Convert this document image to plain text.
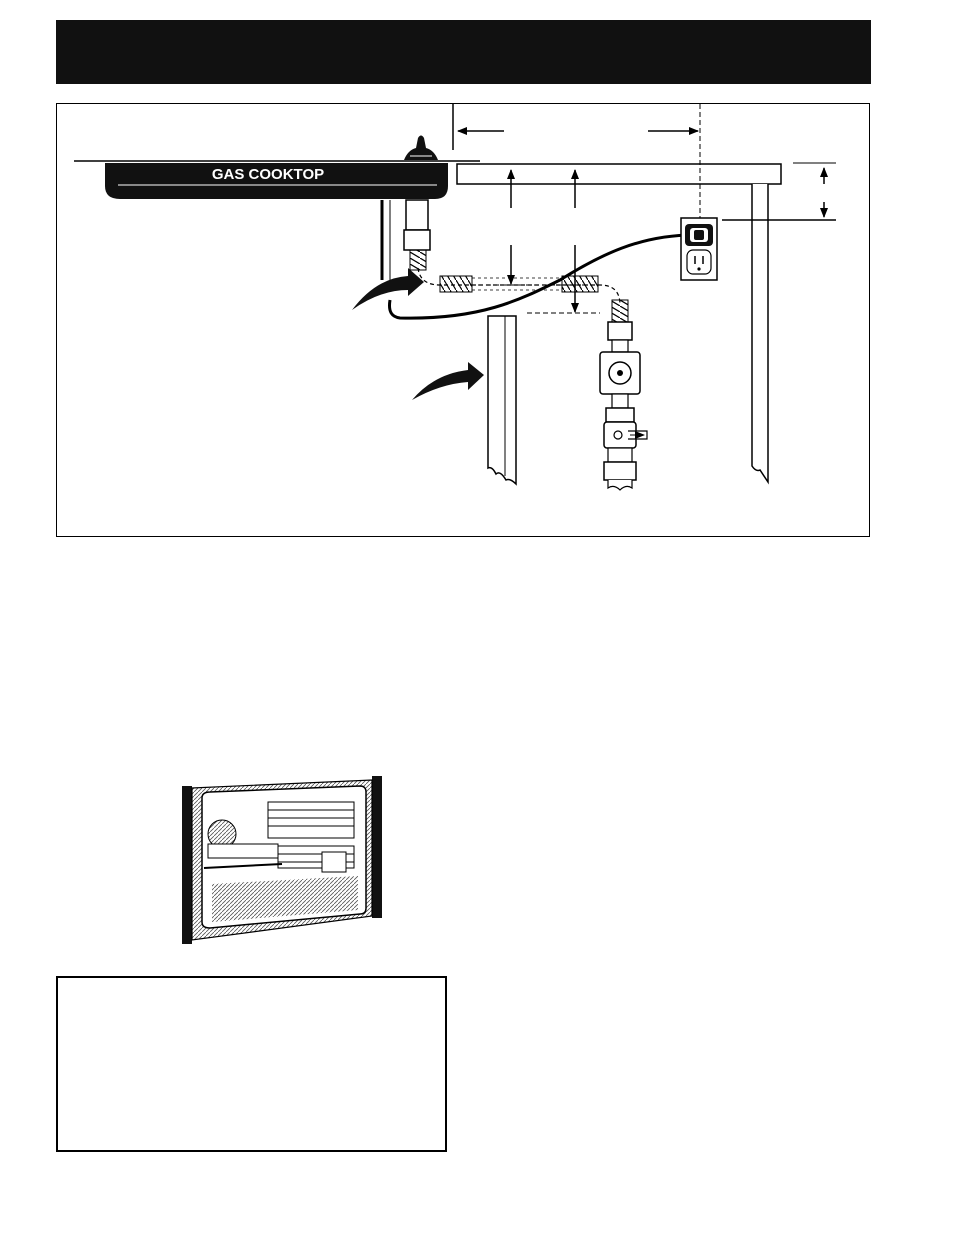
GAS COOKTOP
